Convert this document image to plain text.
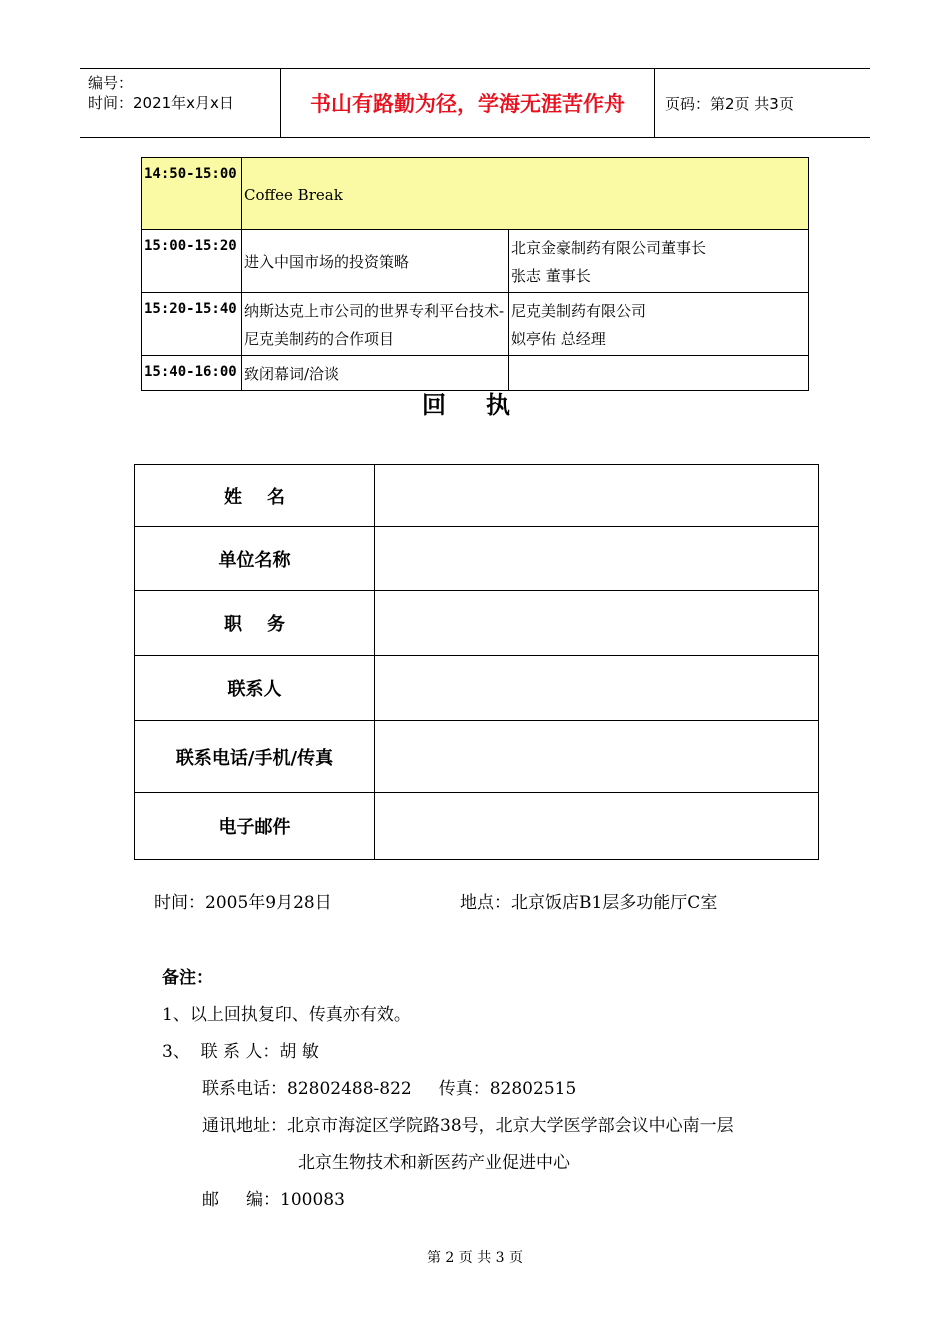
编号：
时间：2021年x月x日	书山有路勤为径，学海无涯苦作舟	页码：第2页 共3页
14:50-15:00	Coffee Break	
15:00-15:20	进入中国市场的投资策略	北京金豪制药有限公司董事长
张志 董事长
15:20-15:40	纳斯达克上市公司的世界专利平台技术-尼克美制药的合作项目	尼克美制药有限公司
姒亭佑 总经理
15:40-16:00	致闭幕词/洽谈	
回执
姓    名	
单位名称	
职    务	
联系人	
联系电话/手机/传真	
电子邮件	
时间：2005年9月28日	地点：北京饭店B1层多功能厅C室
备注：
1、以上回执复印、传真亦有效。
3、  联 系 人：胡 敏
联系电话：82802488-822     传真：82802515
通讯地址：北京市海淀区学院路38号，北京大学医学部会议中心南一层
北京生物技术和新医药产业促进中心
邮     编：100083
第 2 页 共 3 页
